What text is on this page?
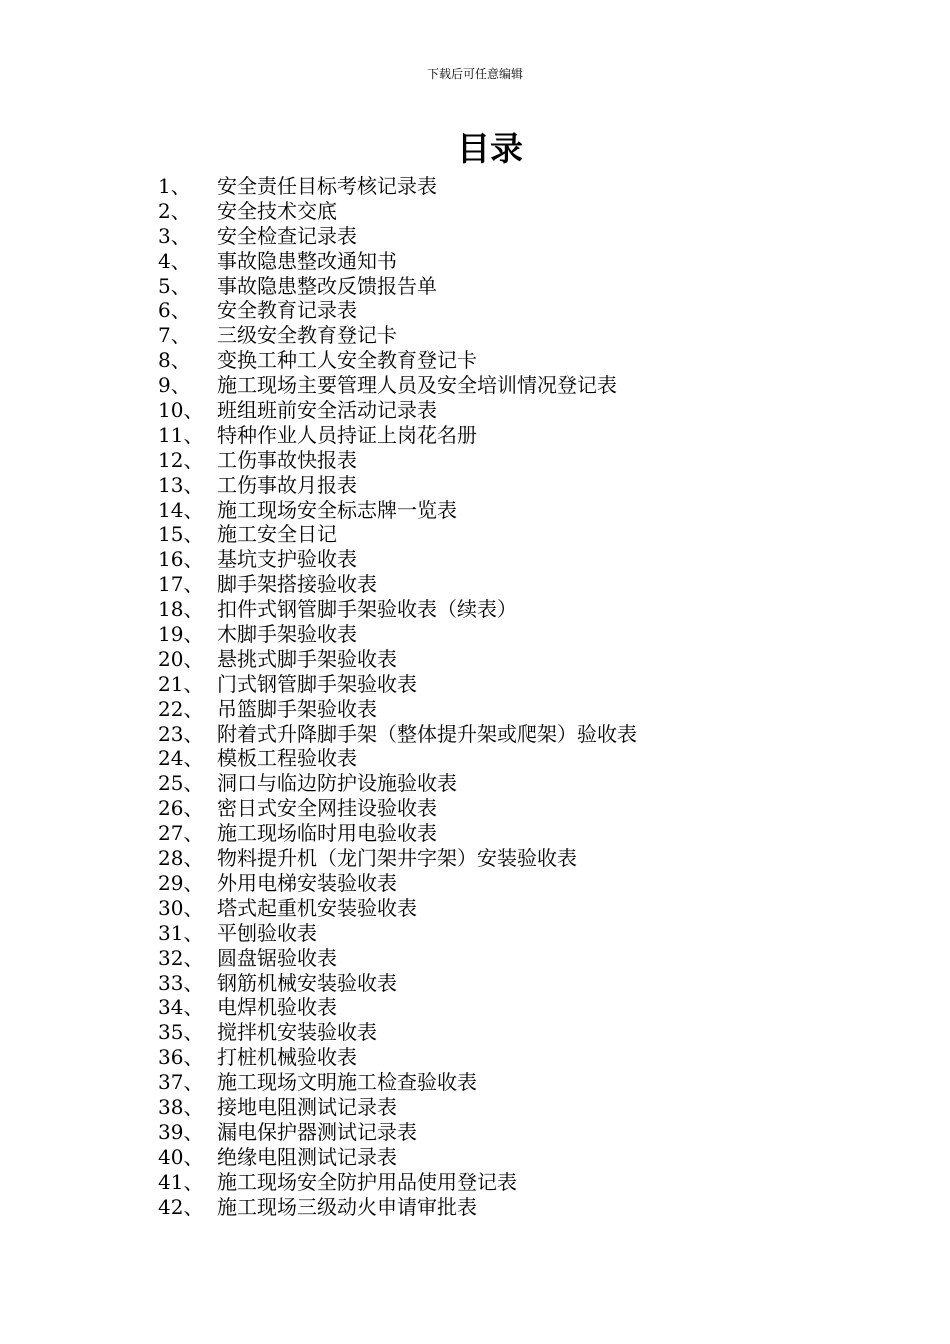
下载后可任意编辑
目录
1、	安全责任目标考核记录表
2、	安全技术交底
3、	安全检查记录表
4、	事故隐患整改通知书
5、	事故隐患整改反馈报告单
6、	安全教育记录表
7、	三级安全教育登记卡
8、	变换工种工人安全教育登记卡
9、	施工现场主要管理人员及安全培训情况登记表
10、 班组班前安全活动记录表
11、 特种作业人员持证上岗花名册
12、 工伤事故快报表
13、 工伤事故月报表
14、 施工现场安全标志牌一览表
15、 施工安全日记
16、 基坑支护验收表
17、 脚手架搭接验收表
18、 扣件式钢管脚手架验收表（续表）
19、 木脚手架验收表
20、 悬挑式脚手架验收表
21、 门式钢管脚手架验收表
22、 吊篮脚手架验收表
23、 附着式升降脚手架（整体提升架或爬架）验收表
24、 模板工程验收表
25、 洞口与临边防护设施验收表
26、 密日式安全网挂设验收表
27、 施工现场临时用电验收表
28、 物料提升机（龙门架井字架）安装验收表
29、 外用电梯安装验收表
30、 塔式起重机安装验收表
31、 平刨验收表
32、 圆盘锯验收表
33、 钢筋机械安装验收表
34、 电焊机验收表
35、 搅拌机安装验收表
36、 打桩机械验收表
37、 施工现场文明施工检查验收表
38、 接地电阻测试记录表
39、 漏电保护器测试记录表
40、 绝缘电阻测试记录表
41、 施工现场安全防护用品使用登记表
42、 施工现场三级动火申请审批表
